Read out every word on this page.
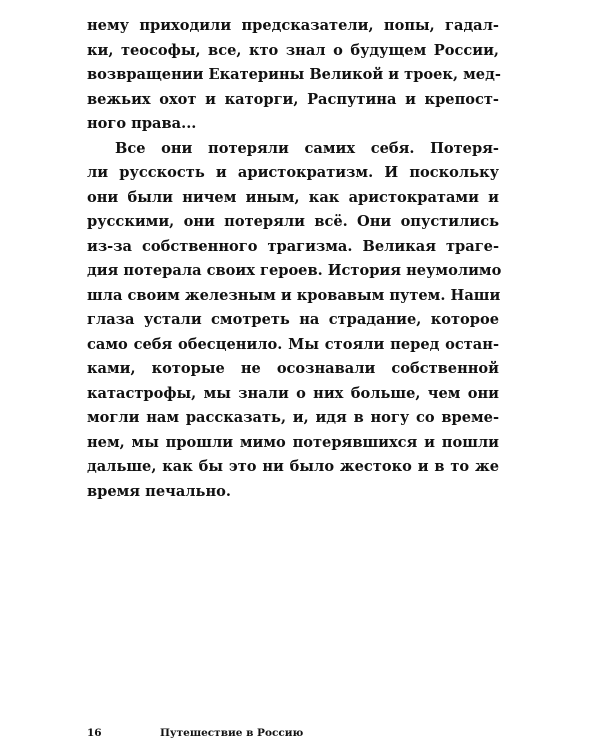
нему приходили предсказатели, попы, гадал-
ки, теософы, все, кто знал о будущем России,
возвращении Екатерины Великой и троек, мед-
вежьих охот и каторги, Распутина и крепост-
ного права...
Все они потеряли самих себя. Потеря-
ли русскость и аристократизм. И поскольку
они были ничем иным, как аристократами и
русскими, они потеряли всё. Они опустились
из-за собственного трагизма. Великая траге-
дия потерала своих героев. История неумолимо
шла своим железным и кровавым путем. Наши
глаза устали смотреть на страдание, которое
само себя обесценило. Мы стояли перед остан-
ками, которые не осознавали собственной
катастрофы, мы знали о них больше, чем они
могли нам рассказать, и, идя в ногу со време-
нем, мы прошли мимо потерявшихся и пошли
дальше, как бы это ни было жестоко и в то же
время печально.
16	Путешествие в Россию
